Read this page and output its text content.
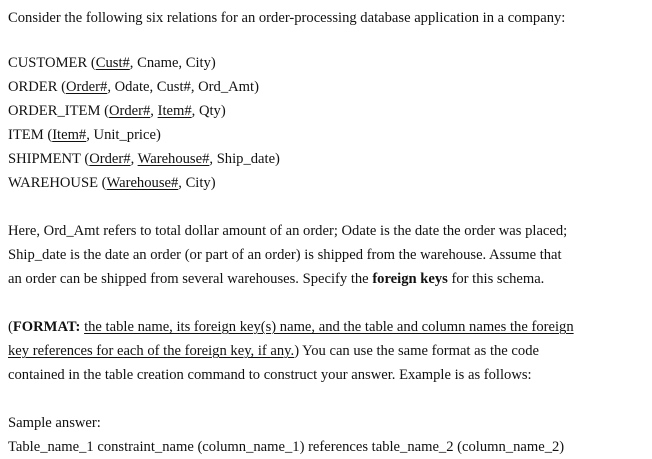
Consider the following six relations for an order-processing database application in a company:
CUSTOMER (Cust#, Cname, City)
ORDER (Order#, Odate, Cust#, Ord_Amt)
ORDER_ITEM (Order#, Item#, Qty)
ITEM (Item#, Unit_price)
SHIPMENT (Order#, Warehouse#, Ship_date)
WAREHOUSE (Warehouse#, City)
Here, Ord_Amt refers to total dollar amount of an order; Odate is the date the order was placed;
Ship_date is the date an order (or part of an order) is shipped from the warehouse. Assume that
an order can be shipped from several warehouses. Specify the foreign keys for this schema.
(FORMAT: the table name, its foreign key(s) name, and the table and column names the foreign
key references for each of the foreign key, if any.) You can use the same format as the code
contained in the table creation command to construct your answer. Example is as follows:
Sample answer:
Table_name_1 constraint_name (column_name_1) references table_name_2 (column_name_2)
